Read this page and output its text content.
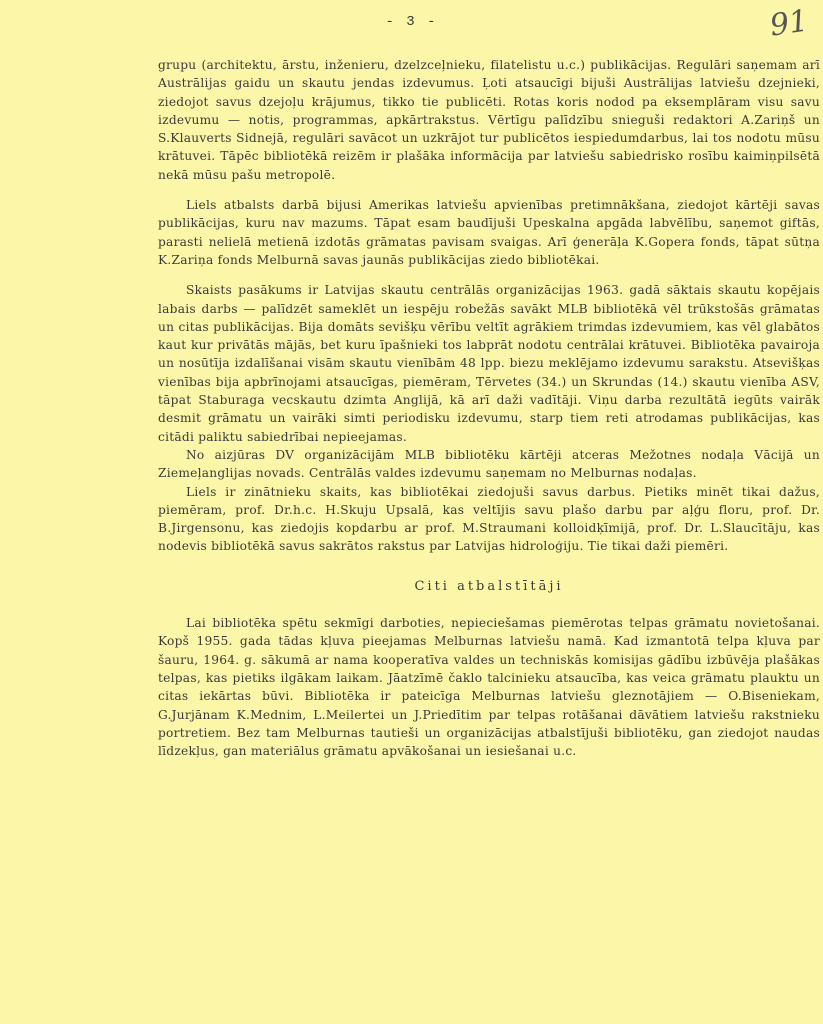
- 3 -	91

grupu (architektu, ārstu, inženieru, dzelzceļnieku, filatelistu u.c.) publikācijas. Regulāri saņemam arī Austrālijas gaidu un skautu jendas izdevumus. Ļoti atsaucīgi bijuši Austrālijas latviešu dzejnieki, ziedojot savus dzejoļu krājumus, tikko tie publicēti. Rotas koris nodod pa eksemplāram visu savu izdevumu — notis, programmas, apkārtrakstus. Vērtīgu palīdzību snieguši redaktori A.Zariņš un S.Klauverts Sidnejā, regulāri savācot un uzkrājot tur publicētos iespiedumdarbus, lai tos nodotu mūsu krātuvei. Tāpēc bibliotēkā reizēm ir plašāka informācija par latviešu sabiedrisko rosību kaimiņpilsētā nekā mūsu pašu metropolē.

Liels atbalsts darbā bijusi Amerikas latviešu apvienības pretimnākšana, ziedojot kārtēji savas publikācijas, kuru nav mazums. Tāpat esam baudījuši Upeskalna apgāda labvēlību, saņemot giftās, parasti nelielā metienā izdotās grāmatas pavisam svaigas. Arī ģenerāļa K.Gopera fonds, tāpat sūtņa K.Zariņa fonds Melburnā savas jaunās publikācijas ziedo bibliotēkai.

Skaists pasākums ir Latvijas skautu centrālās organizācijas 1963. gadā sāktais skautu kopējais labais darbs — palīdzēt sameklēt un iespēju robežās savākt MLB bibliotēkā vēl trūkstošās grāmatas un citas publikācijas. Bija domāts sevišķu vērību veltīt agrākiem trimdas izdevumiem, kas vēl glabātos kaut kur privātās mājās, bet kuru īpašnieki tos labprāt nodotu centrālai krātuvei. Bibliotēka pavairoja un nosūtīja izdalīšanai visām skautu vienībām 48 lpp. biezu meklējamo izdevumu sarakstu. Atsevišķas vienības bija apbrīnojami atsaucīgas, piemēram, Tērvetes (34.) un Skrundas (14.) skautu vienība ASV, tāpat Staburaga vecskautu dzimta Anglijā, kā arī daži vadītāji. Viņu darba rezultātā iegūts vairāk desmit grāmatu un vairāki simti periodisku izdevumu, starp tiem reti atrodamas publikācijas, kas citādi paliktu sabiedrībai nepieejamas.

No aizjūras DV organizācijām MLB bibliotēku kārtēji atceras Mežotnes nodaļa Vācijā un Ziemeļanglijas novads. Centrālās valdes izdevumu saņemam no Melburnas nodaļas.

Liels ir zinātnieku skaits, kas bibliotēkai ziedojuši savus darbus. Pietiks minēt tikai dažus, piemēram, prof. Dr.h.c. H.Skuju Upsalā, kas veltījis savu plašo darbu par aļģu floru, prof. Dr. B.Jirgensonu, kas ziedojis kopdarbu ar prof. M.Straumani kolloidķīmijā, prof. Dr. L.Slaucītāju, kas nodevis bibliotēkā savus sakrātos rakstus par Latvijas hidroloģiju. Tie tikai daži piemēri.

Citi atbalstītāji

Lai bibliotēka spētu sekmīgi darboties, nepieciešamas piemērotas telpas grāmatu novietošanai. Kopš 1955. gada tādas kļuva pieejamas Melburnas latviešu namā. Kad izmantotā telpa kļuva par šauru, 1964. g. sākumā ar nama kooperatīva valdes un techniskās komisijas gādību izbūvēja plašākas telpas, kas pietiks ilgākam laikam. Jāatzīmē čaklo talcinieku atsaucība, kas veica grāmatu plauktu un citas iekārtas būvi. Bibliotēka ir pateicīga Melburnas latviešu gleznotājiem — O.Biseniekam, G.Jurjānam K.Mednim, L.Meilertei un J.Priedītim par telpas rotāšanai dāvātiem latviešu rakstnieku portretiem. Bez tam Melburnas tautieši un organizācijas atbalstījuši bibliotēku, gan ziedojot naudas līdzekļus, gan materiālus grāmatu apvākošanai un iesiešanai u.c.
